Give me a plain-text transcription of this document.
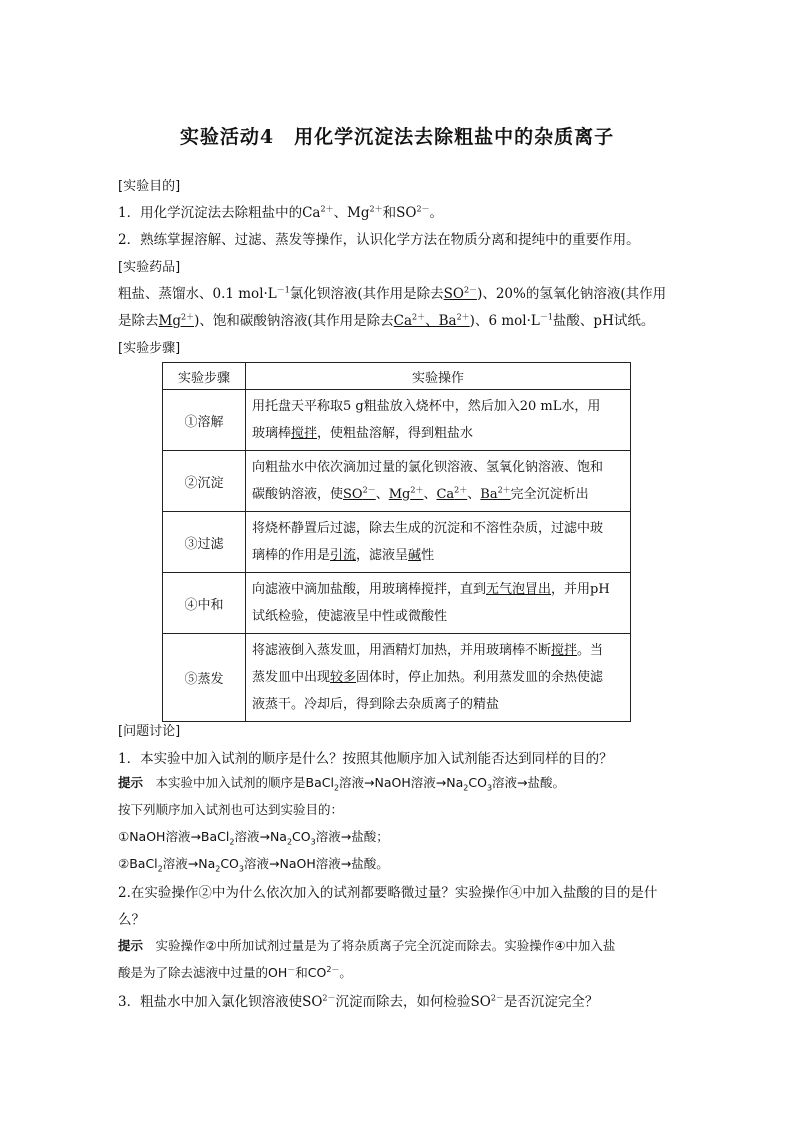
实验活动4　用化学沉淀法去除粗盐中的杂质离子
[实验目的]
1．用化学沉淀法去除粗盐中的$Ca^{2+}$、$Mg^{2+}$和$SO^{2-}$。
2．熟练掌握溶解、过滤、蒸发等操作，认识化学方法在物质分离和提纯中的重要作用。
[实验药品]
粗盐、蒸馏水、0.1 $mol\cdot L^{-1}$氯化钡溶液(其作用是除去$SO^{2-}$)、20%的氢氧化钠溶液(其作用
是除去$Mg^{2+}$)、饱和碳酸钠溶液(其作用是除去$Ca^{2+}$、$Ba^{2+}$)、6 $mol\cdot L^{-1}$盐酸、pH试纸。
[实验步骤]
实验步骤	实验操作
①溶解	用托盘天平称取5 g粗盐放入烧杯中，然后加入20 mL水，用
玻璃棒搅拌，使粗盐溶解，得到粗盐水
②沉淀	向粗盐水中依次滴加过量的氯化钡溶液、氢氧化钠溶液、饱和
碳酸钠溶液，使$SO^{2-}$、$Mg^{2+}$、$Ca^{2+}$、$Ba^{2+}$完全沉淀析出
③过滤	将烧杯静置后过滤，除去生成的沉淀和不溶性杂质，过滤中玻
璃棒的作用是引流，滤液呈碱性
④中和	向滤液中滴加盐酸，用玻璃棒搅拌，直到无气泡冒出，并用pH
试纸检验，使滤液呈中性或微酸性
⑤蒸发	将滤液倒入蒸发皿，用酒精灯加热，并用玻璃棒不断搅拌。当
蒸发皿中出现较多固体时，停止加热。利用蒸发皿的余热使滤
液蒸干。冷却后，得到除去杂质离子的精盐
[问题讨论]
1．本实验中加入试剂的顺序是什么？按照其他顺序加入试剂能否达到同样的目的？
提示　本实验中加入试剂的顺序是BaCl$_2$溶液→NaOH溶液$\to Na_2CO_3$溶液→盐酸。
按下列顺序加入试剂也可达到实验目的：
①NaOH溶液→BaCl$_2$溶液$\to Na_2CO_3$溶液→盐酸；
②BaCl$_2$溶液$\to Na_2CO_3$溶液→NaOH溶液→盐酸。
2.在实验操作②中为什么依次加入的试剂都要略微过量？实验操作④中加入盐酸的目的是什
么？
提示　实验操作②中所加试剂过量是为了将杂质离子完全沉淀而除去。实验操作④中加入盐
酸是为了除去滤液中过量的OH－和$CO^{2-}$。
3．粗盐水中加入氯化钡溶液使$SO^{2-}$沉淀而除去，如何检验$SO^{2-}$是否沉淀完全？
